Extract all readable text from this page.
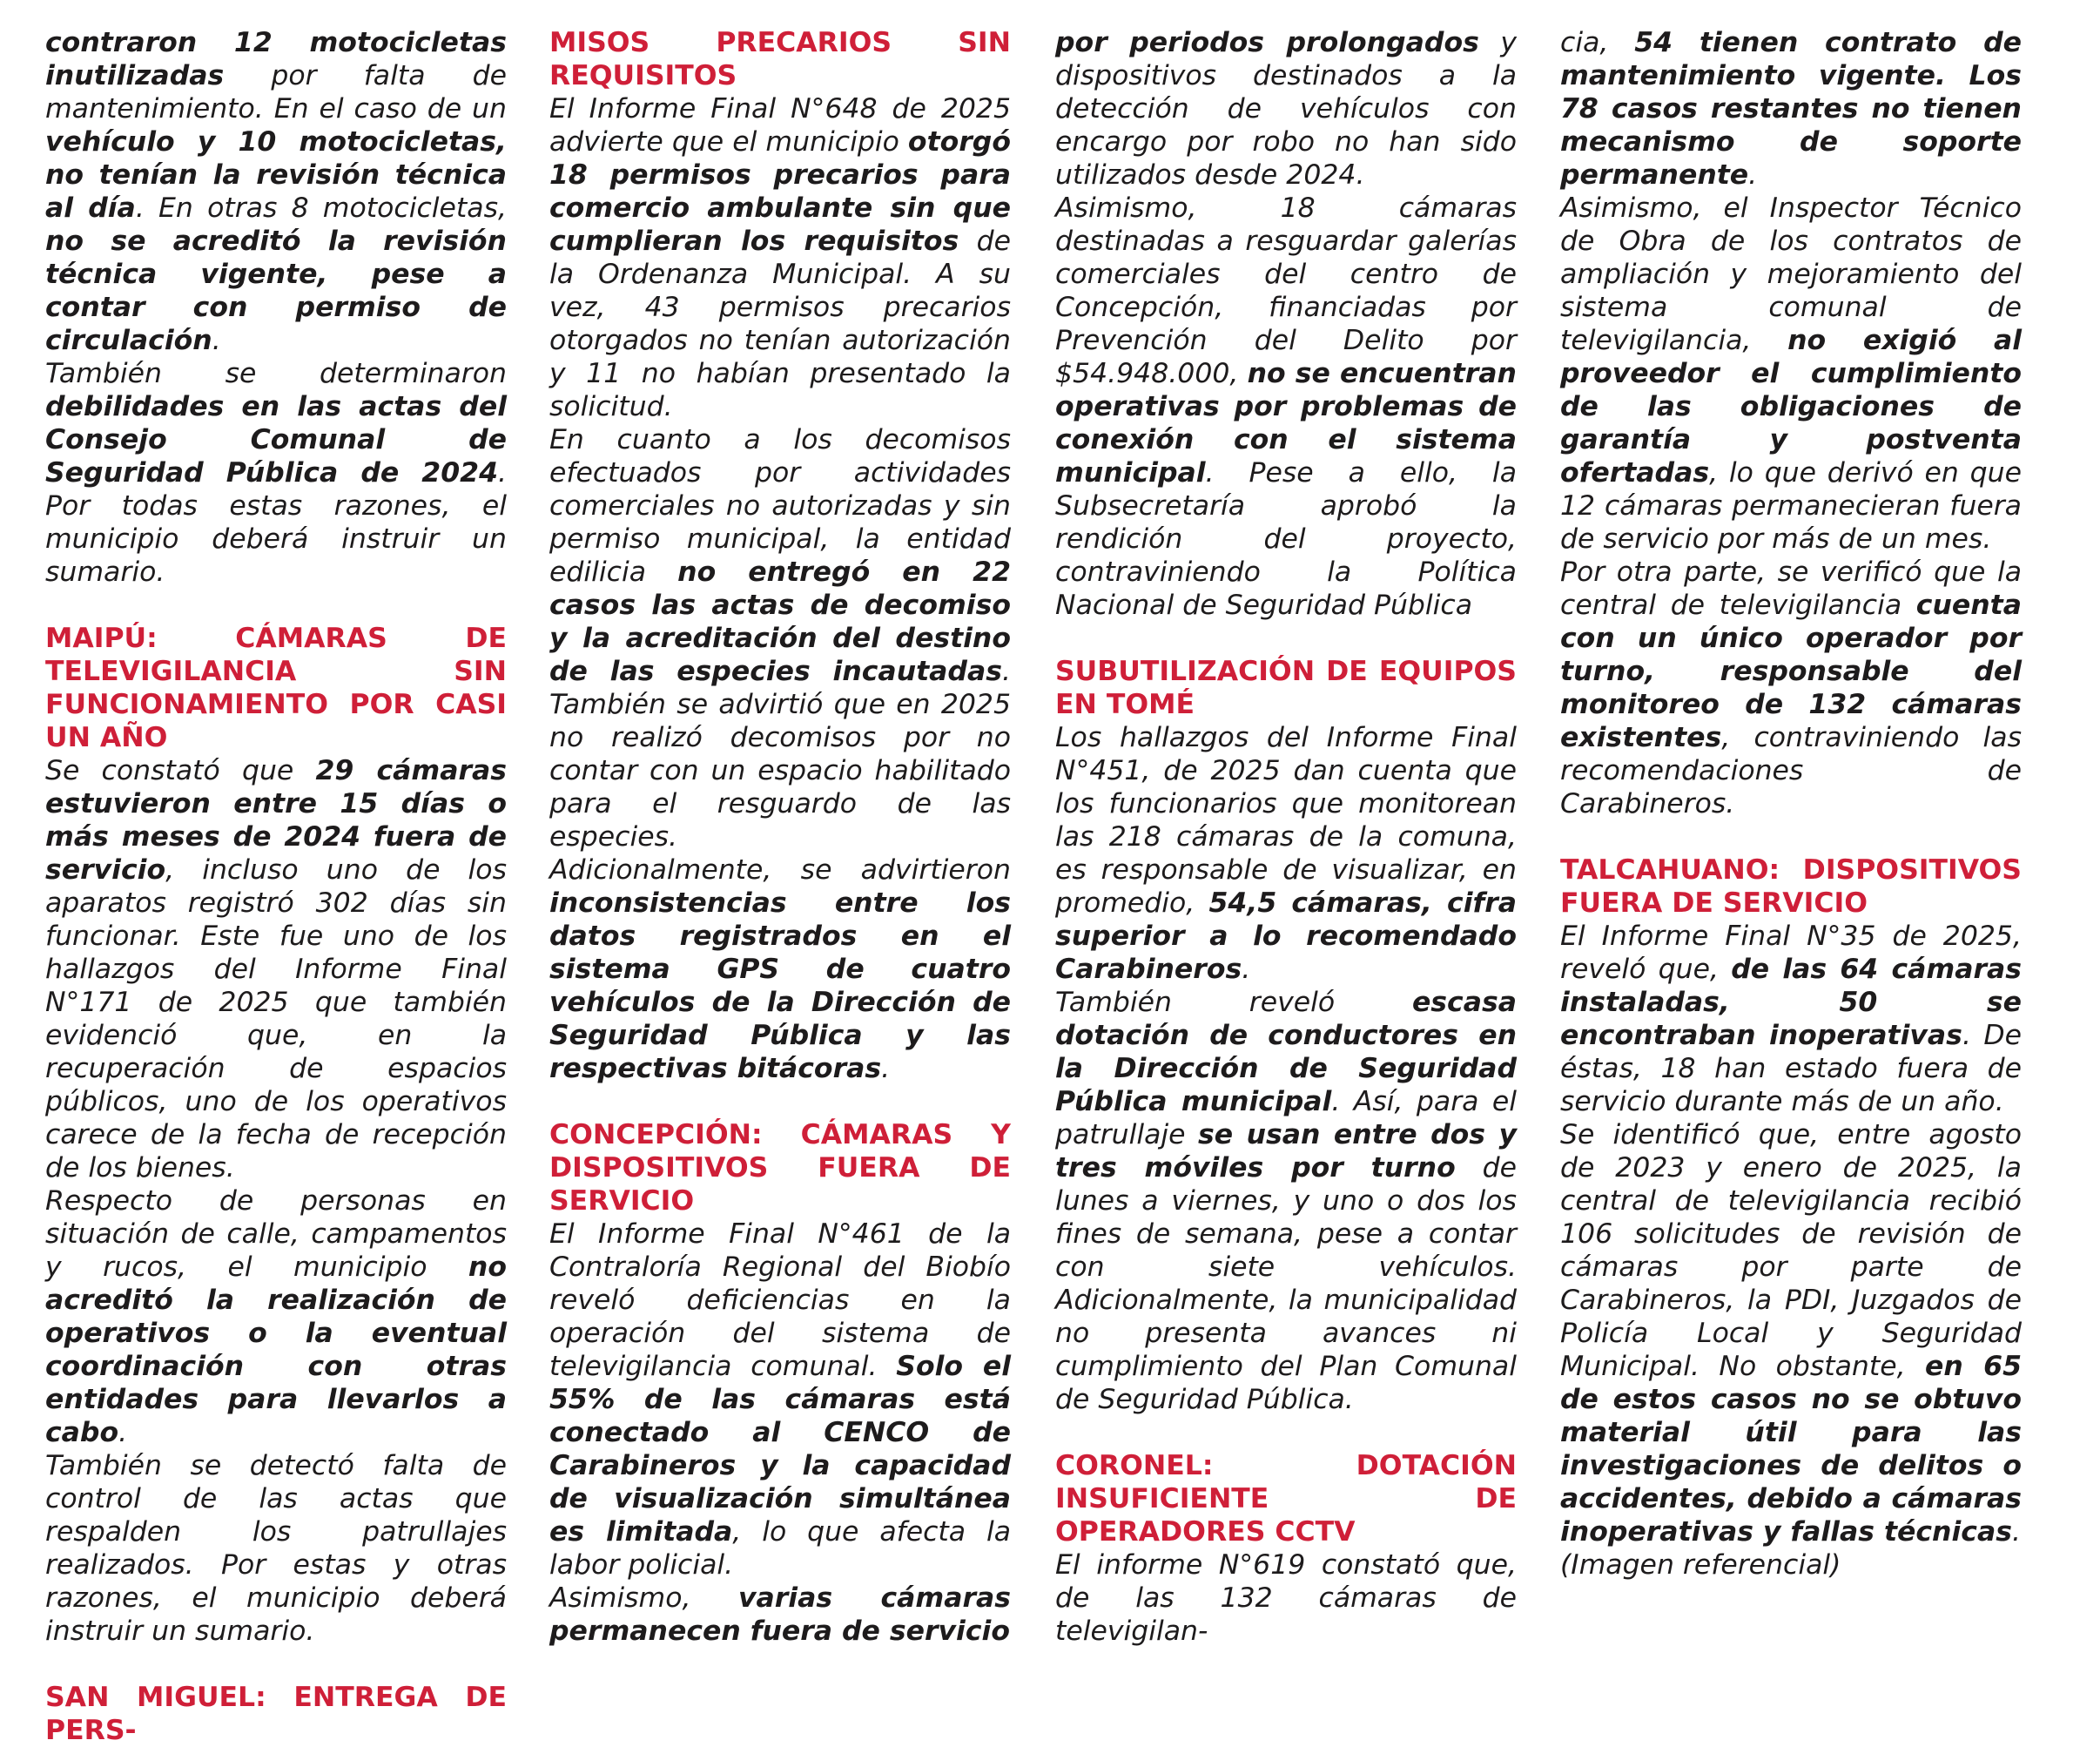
contraron 12 motocicletas inutilizadas por falta de mantenimiento. En el caso de un vehículo y 10 motocicletas, no tenían la revisión técnica al día. En otras 8 motocicletas, no se acreditó la revisión técnica vigente, pese a contar con permiso de circulación.

También se determinaron debilidades en las actas del Consejo Comunal de Seguridad Pública de 2024. Por todas estas razones, el municipio deberá instruir un sumario.

MAIPÚ: CÁMARAS DE TELEVIGILANCIA SIN FUNCIONAMIENTO POR CASI UN AÑO

Se constató que 29 cámaras estuvieron entre 15 días o más meses de 2024 fuera de servicio, incluso uno de los aparatos registró 302 días sin funcionar. Este fue uno de los hallazgos del Informe Final N°171 de 2025 que también evidenció que, en la recuperación de espacios públicos, uno de los operativos carece de la fecha de recepción de los bienes.

Respecto de personas en situación de calle, campamentos y rucos, el municipio no acreditó la realización de operativos o la eventual coordinación con otras entidades para llevarlos a cabo.

También se detectó falta de control de las actas que respalden los patrullajes realizados. Por estas y otras razones, el municipio deberá instruir un sumario.

SAN MIGUEL: ENTREGA DE PERS-
MISOS PRECARIOS SIN REQUISITOS

El Informe Final N°648 de 2025 advierte que el municipio otorgó 18 permisos precarios para comercio ambulante sin que cumplieran los requisitos de la Ordenanza Municipal. A su vez, 43 permisos precarios otorgados no tenían autorización y 11 no habían presentado la solicitud.

En cuanto a los decomisos efectuados por actividades comerciales no autorizadas y sin permiso municipal, la entidad edilicia no entregó en 22 casos las actas de decomiso y la acreditación del destino de las especies incautadas. También se advirtió que en 2025 no realizó decomisos por no contar con un espacio habilitado para el resguardo de las especies.

Adicionalmente, se advirtieron inconsistencias entre los datos registrados en el sistema GPS de cuatro vehículos de la Dirección de Seguridad Pública y las respectivas bitácoras.

CONCEPCIÓN: CÁMARAS Y DISPOSITIVOS FUERA DE SERVICIO

El Informe Final N°461 de la Contraloría Regional del Biobío reveló deficiencias en la operación del sistema de televigilancia comunal. Solo el 55% de las cámaras está conectado al CENCO de Carabineros y la capacidad de visualización simultánea es limitada, lo que afecta la labor policial.

Asimismo, varias cámaras permanecen fuera de servicio

por periodos prolongados y dispositivos destinados a la detección de vehículos con encargo por robo no han sido utilizados desde 2024.

Asimismo, 18 cámaras destinadas a resguardar galerías comerciales del centro de Concepción, financiadas por Prevención del Delito por $54.948.000, no se encuentran operativas por problemas de conexión con el sistema municipal. Pese a ello, la Subsecretaría aprobó la rendición del proyecto, contraviniendo la Política Nacional de Seguridad Pública

SUBUTILIZACIÓN DE EQUIPOS EN TOMÉ

Los hallazgos del Informe Final N°451, de 2025 dan cuenta que los funcionarios que monitorean las 218 cámaras de la comuna, es responsable de visualizar, en promedio, 54,5 cámaras, cifra superior a lo recomendado Carabineros.

También reveló escasa dotación de conductores en la Dirección de Seguridad Pública municipal. Así, para el patrullaje se usan entre dos y tres móviles por turno de lunes a viernes, y uno o dos los fines de semana, pese a contar con siete vehículos. Adicionalmente, la municipalidad no presenta avances ni cumplimiento del Plan Comunal de Seguridad Pública.

CORONEL: DOTACIÓN INSUFICIENTE DE OPERADORES CCTV

El informe N°619 constató que, de las 132 cámaras de televigilan-

cia, 54 tienen contrato de mantenimiento vigente. Los 78 casos restantes no tienen mecanismo de soporte permanente.

Asimismo, el Inspector Técnico de Obra de los contratos de ampliación y mejoramiento del sistema comunal de televigilancia, no exigió al proveedor el cumplimiento de las obligaciones de garantía y postventa ofertadas, lo que derivó en que 12 cámaras permanecieran fuera de servicio por más de un mes.

Por otra parte, se verificó que la central de televigilancia cuenta con un único operador por turno, responsable del monitoreo de 132 cámaras existentes, contraviniendo las recomendaciones de Carabineros.

TALCAHUANO: DISPOSITIVOS FUERA DE SERVICIO

El Informe Final N°35 de 2025, reveló que, de las 64 cámaras instaladas, 50 se encontraban inoperativas. De éstas, 18 han estado fuera de servicio durante más de un año.

Se identificó que, entre agosto de 2023 y enero de 2025, la central de televigilancia recibió 106 solicitudes de revisión de cámaras por parte de Carabineros, la PDI, Juzgados de Policía Local y Seguridad Municipal. No obstante, en 65 de estos casos no se obtuvo material útil para las investigaciones de delitos o accidentes, debido a cámaras inoperativas y fallas técnicas.

(Imagen referencial)
